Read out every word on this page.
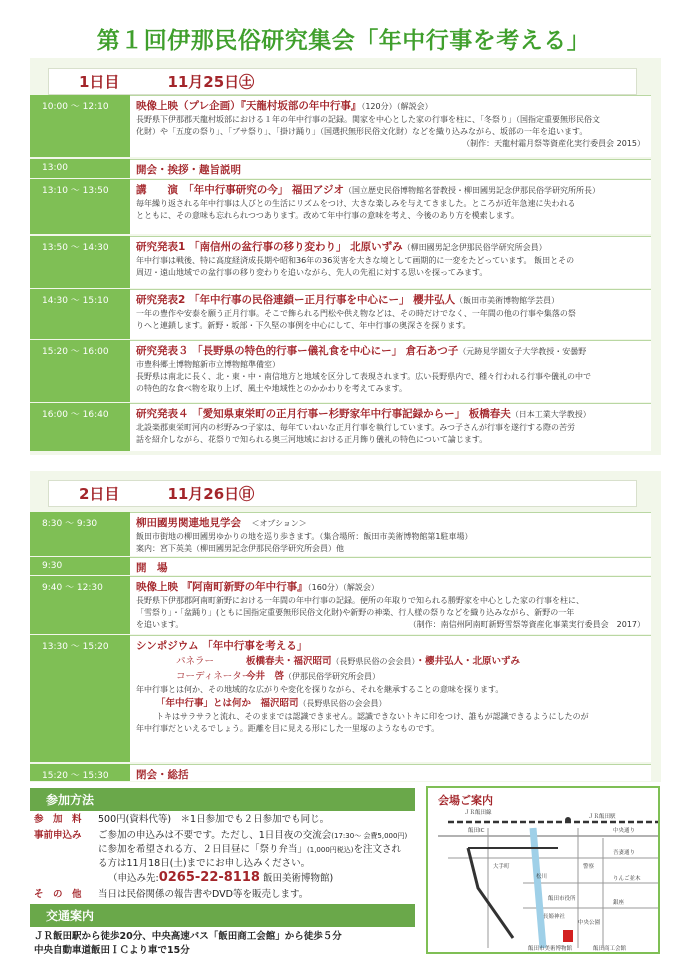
第１回伊那民俗研究集会「年中行事を考える」
1日目	11月25日㊏
10:00 ～ 12:10	映像上映（プレ企画）『天龍村坂部の年中行事』（120分）（解説会）
長野県下伊那郡天龍村坂部における１年の年中行事の記録。関家を中心とした家の行事を柱に、「冬祭り」（国指定重要無形民俗文
化財）や「五度の祭り」、「ブサ祭り」、「掛け踊り」（国選択無形民俗文化財）などを織り込みながら、坂部の一年を追います。
（制作：天龍村霜月祭等資産化実行委員会 2015）
13:00	開会・挨拶・趣旨説明
13:10 ～ 13:50	講　　演　「年中行事研究の今」 福田アジオ（国立歴史民俗博物館名誉教授・柳田國男記念伊那民俗学研究所所長）
毎年繰り返される年中行事は人びとの生活にリズムをつけ、大きな楽しみを与えてきました。ところが近年急速に失われる
とともに、その意味も忘れられつつあります。改めて年中行事の意味を考え、今後のあり方を模索します。
13:50 ～ 14:30	研究発表1 「南信州の盆行事の移り変わり」 北原いずみ（柳田國男記念伊那民俗学研究所会員）
年中行事は戦後、特に高度経済成長期や昭和36年の36災害を大きな境として画期的に一変をたどっています。 飯田とその
周辺・遠山地域での盆行事の移り変わりを追いながら、先人の先祖に対する思いを探ってみます。
14:30 ～ 15:10	研究発表2 「年中行事の民俗連鎖ー正月行事を中心にー」 櫻井弘人（飯田市美術博物館学芸員）
一年の豊作や安泰を願う正月行事。そこで飾られる門松や供え物などは、その時だけでなく、一年間の他の行事や集落の祭
りへと連鎖します。新野・坂部・下久堅の事例を中心にして、年中行事の奥深さを探ります。
15:20 ～ 16:00	研究発表３ 「長野県の特色的行事ー儀礼食を中心にー」 倉石あつ子（元跡見学園女子大学教授・安曇野
市豊科郷土博物館新市立博物館準備室）
長野県は南北に長く、北・東・中・南信地方と地域を区分して表現されます。広い長野県内で、種々行われる行事や儀礼の中で
の特色的な食べ物を取り上げ、風土や地域性とのかかわりを考えてみます。
16:00 ～ 16:40	研究発表４ 「愛知県東栄町の正月行事ー杉野家年中行事記録からー」 板橋春夫（日本工業大学教授）
北設楽郡東栄町河内の杉野みつ子家は、毎年ていねいな正月行事を執行しています。みつ子さんが行事を遂行する際の苦労
話を紹介しながら、花祭りで知られる奥三河地域における正月飾り儀礼の特色について論じます。
2日目	11月26日㊐
8:30 ～ 9:30	柳田國男関連地見学会　 ＜オプション＞
飯田市街地の柳田國男ゆかりの地を巡り歩きます。（集合場所：飯田市美術博物館第1駐車場）
案内：宮下英美（柳田國男記念伊那民俗学研究所会員）他
9:30	開　場
9:40 ～ 12:30	映像上映 『阿南町新野の年中行事』（160分）（解説会）
長野県下伊那郡阿南町新野における一年間の年中行事の記録。便所の年取りで知られる勝野家を中心とした家の行事を柱に、
「雪祭り」・「盆踊り」(ともに国指定重要無形民俗文化財)や新野の神楽、行人様の祭りなどを織り込みながら、新野の一年
を追います。	（制作：南信州阿南町新野雪祭等資産化事業実行委員会　2017）
13:30 ～ 15:20	シンポジウム 「年中行事を考える」
パネラー	板橋春夫・福沢昭司（長野県民俗の会会員）・櫻井弘人・北原いずみ
コーディネーター今井　啓（伊那民俗学研究所会員）
年中行事とは何か、その地域的な広がりや変化を探りながら、それを継承することの意味を探ります。
「年中行事」とは何か　 福沢昭司（長野県民俗の会会員）
トキはサラサラと流れ、そのままでは認識できません。認識できないトキに印をつけ、誰もが認識できるようにしたのが
年中行事だといえるでしょう。距離を目に見える形にした一里塚のようなものです。
15:20 ～ 15:30	閉会・総括
参加方法
参　加　料	500円(資料代等)　＊1日参加でも２日参加でも同じ。
事前申込み	ご参加の申込みは不要です。ただし、1日目夜の交流会(17:30～ 会費5,000円)
に参加を希望される方、２日目昼に「祭り弁当」(1,000円税込)を注文され
る方は11月18日(土)までにお申し込みください。
（申込み先:0265-22-8118 飯田美術博物館)
そ　の　他	当日は民俗関係の報告書やDVD等を販売します。
交通案内
ＪＲ飯田駅から徒歩20分、中央高速バス「飯田商工会館」から徒歩５分
中央自動車道飯田ＩＣより車で15分
ＪＲ飯田駅
ＪＲ飯田線
飯田IC
松川
吾妻通り
りんご並木
銀座
中央通り
飯田市役所
長姫神社
中央公園
飯田市美術博物館	飯田商工会館
大手町	警察
会場ご案内
